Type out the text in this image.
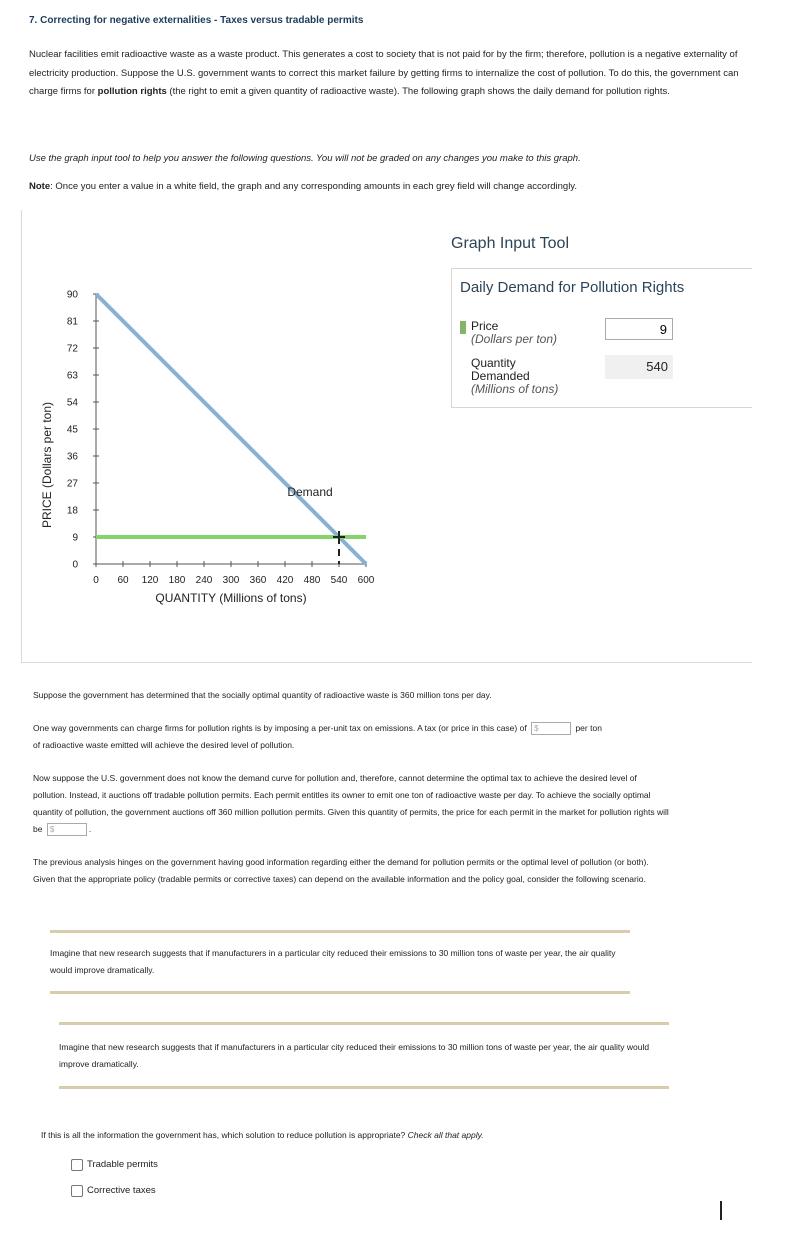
7. Correcting for negative externalities - Taxes versus tradable permits
Nuclear facilities emit radioactive waste as a waste product. This generates a cost to society that is not paid for by the firm; therefore, pollution is a negative externality of electricity production. Suppose the U.S. government wants to correct this market failure by getting firms to internalize the cost of pollution. To do this, the government can charge firms for pollution rights (the right to emit a given quantity of radioactive waste). The following graph shows the daily demand for pollution rights.
Use the graph input tool to help you answer the following questions. You will not be graded on any changes you make to this graph.
Note: Once you enter a value in a white field, the graph and any corresponding amounts in each grey field will change accordingly.
0
9
18
27
36
45
54
63
72
81
90
0 60 120 180 240 300 360 420 480 540 600
PRICE (Dollars per ton)
QUANTITY (Millions of tons)
Demand
Graph Input Tool
Daily Demand for Pollution Rights
Price
(Dollars per ton)
9
Quantity
Demanded
(Millions of tons)
540
Suppose the government has determined that the socially optimal quantity of radioactive waste is 360 million tons per day.
One way governments can charge firms for pollution rights is by imposing a per-unit tax on emissions. A tax (or price in this case) of $	per ton
of radioactive waste emitted will achieve the desired level of pollution.
Now suppose the U.S. government does not know the demand curve for pollution and, therefore, cannot determine the optimal tax to achieve the desired level of pollution. Instead, it auctions off tradable pollution permits. Each permit entitles its owner to emit one ton of radioactive waste per day. To achieve the socially optimal quantity of pollution, the government auctions off 360 million pollution permits. Given this quantity of permits, the price for each permit in the market for pollution rights will be $	.
The previous analysis hinges on the government having good information regarding either the demand for pollution permits or the optimal level of pollution (or both). Given that the appropriate policy (tradable permits or corrective taxes) can depend on the available information and the policy goal, consider the following scenario.
Imagine that new research suggests that if manufacturers in a particular city reduced their emissions to 30 million tons of waste per year, the air quality would improve dramatically.
Imagine that new research suggests that if manufacturers in a particular city reduced their emissions to 30 million tons of waste per year, the air quality would improve dramatically.
If this is all the information the government has, which solution to reduce pollution is appropriate? Check all that apply.
Tradable permits
Corrective taxes
